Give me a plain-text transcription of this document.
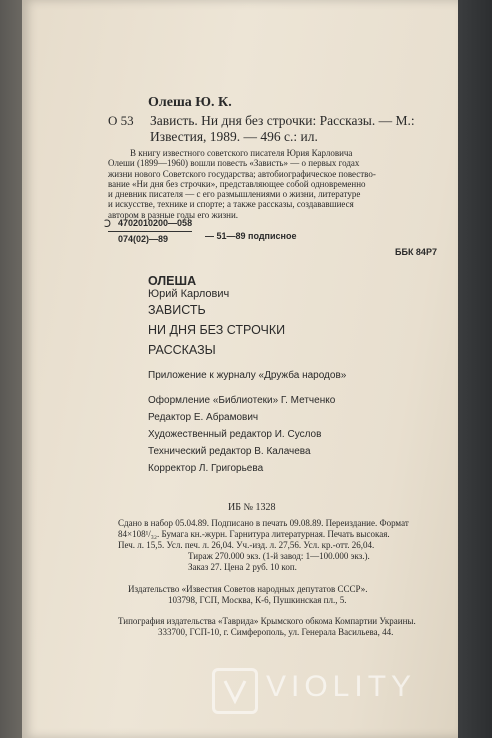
Олеша Ю. К.
О 53 Зависть. Ни дня без строчки: Рассказы. — М.:
Известия, 1989. — 496 с.: ил.
В книгу известного советского писателя Юрия Карловича
Олеши (1899—1960) вошли повесть «Зависть» — о первых годах
жизни нового Советского государства; автобиографическое повество-
вание «Ни дня без строчки», представляющее собой одновременно
и дневник писателя — с его размышлениями о жизни, литературе
и искусстве, технике и спорте; а также рассказы, создававшиеся
автором в разные годы его жизни.
Ↄ
$\frac{4702010200—058}{074(02)—89}$ — 51—89 подписное
ББК 84Р7
ОЛЕША
Юрий Карлович
ЗАВИСТЬ
НИ ДНЯ БЕЗ СТРОЧКИ
РАССКАЗЫ
Приложение к журналу «Дружба народов»
Оформление «Библиотеки» Г. Метченко
Редактор Е. Абрамович
Художественный редактор И. Суслов
Технический редактор В. Калачева
Корректор Л. Григорьева
ИБ № 1328
Сдано в набор 05.04.89. Подписано в печать 09.08.89. Переиздание. Формат
84×108¹/₃₂. Бумага кн.-журн. Гарнитура литературная. Печать высокая.
Печ. л. 15,5. Усл. печ. л. 26,04. Уч.-изд. л. 27,56. Усл. кр.-отт. 26,04.
Тираж 270.000 экз. (1-й завод: 1—100.000 экз.).
Заказ 27. Цена 2 руб. 10 коп.
Издательство «Известия Советов народных депутатов СССР».
103798, ГСП, Москва, К-6, Пушкинская пл., 5.
Типография издательства «Таврида» Крымского обкома Компартии Украины.
333700, ГСП-10, г. Симферополь, ул. Генерала Васильева, 44.
VIOLITY
